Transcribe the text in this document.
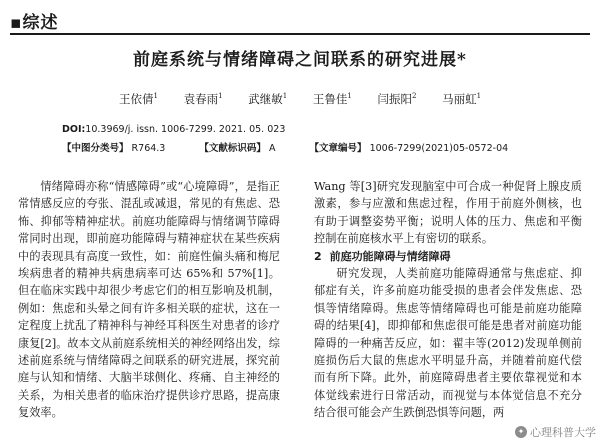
▪综述
前庭系统与情绪障碍之间联系的研究进展*
王依倩$^1$ 袁春雨$^1$ 武继敏$^1$ 王鲁佳$^1$ 闫振阳$^2$ 马丽虹$^1$
DOI:10.3969/j. issn. 1006-7299. 2021. 05. 023
【中图分类号】 R764.3	【文献标识码】 A	【文章编号】 1006-7299(2021)05-0572-04

情绪障碍亦称“情感障碍”或“心境障碍”，是指正常情感反应的夸张、混乱或减退，常见的有焦虑、恐怖、抑郁等精神症状。前庭功能障碍与情绪调节障碍常同时出现，即前庭功能障碍与精神症状在某些疾病中的表现具有高度一致性，如：前庭性偏头痛和梅尼埃病患者的精神共病患病率可达 65%和 57%[1]。但在临床实践中却很少考虑它们的相互影响及机制，例如：焦虑和头晕之间有许多相关联的症状，这在一定程度上扰乱了精神科与神经耳科医生对患者的诊疗康复[2]。故本文从前庭系统相关的神经网络出发，综述前庭系统与情绪障碍之间联系的研究进展，探究前庭与认知和情绪、大脑半球侧化、疼痛、自主神经的关系，为相关患者的临床治疗提供诊疗思路，提高康复效率。

Wang 等[3]研究发现脑室中可合成一种促肾上腺皮质激素，参与应激和焦虑过程，作用于前庭外侧核，也有助于调整姿势平衡；说明人体的压力、焦虑和平衡控制在前庭核水平上有密切的联系。

2 前庭功能障碍与情绪障碍

研究发现，人类前庭功能障碍通常与焦虑症、抑郁症有关，许多前庭功能受损的患者会伴发焦虑、恐惧等情绪障碍。焦虑等情绪障碍也可能是前庭功能障碍的结果[4]，即抑郁和焦虑很可能是患者对前庭功能障碍的一种痛苦反应，如：翟丰等(2012)发现单侧前庭损伤后大鼠的焦虑水平明显升高，并随着前庭代偿而有所下降。此外，前庭障碍患者主要依靠视觉和本体觉线索进行日常活动，而视觉与本体觉信息不充分结合很可能会产生跌倒恐惧等问题，两

✦ 心理科普大学
